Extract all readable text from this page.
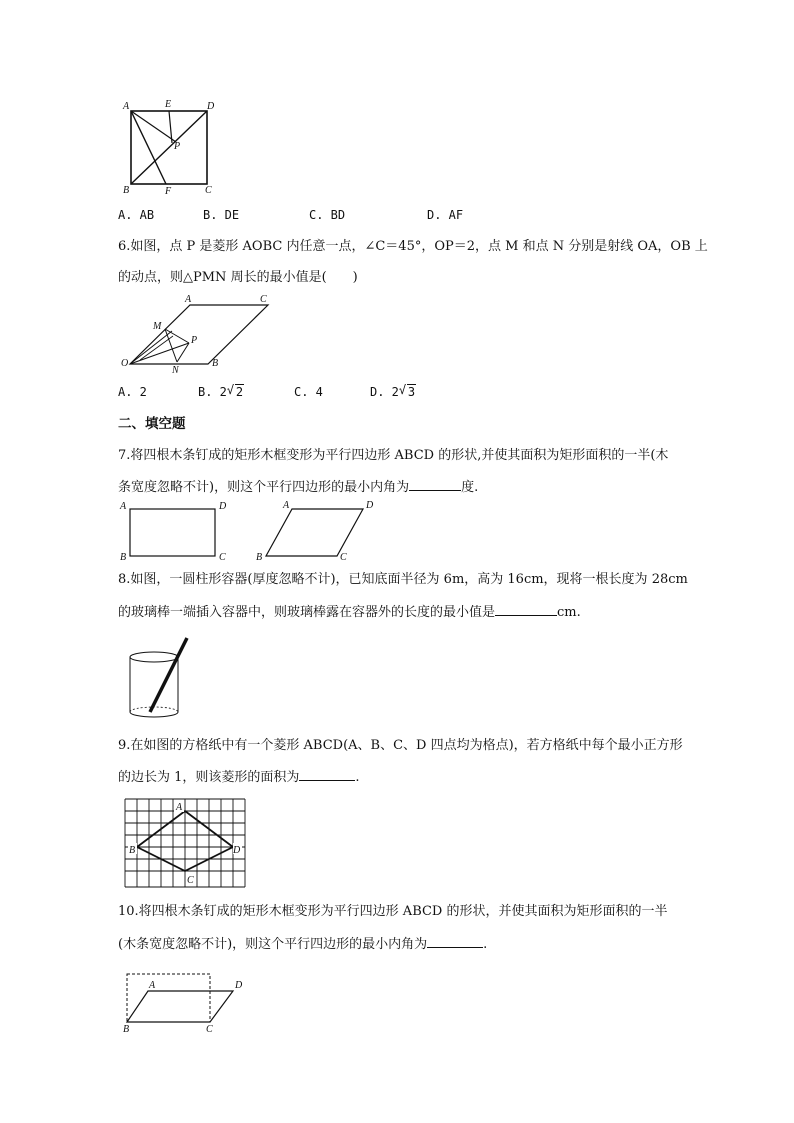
A	E	D
P
B	F	C
A	C
M
P
O
N
B
A	D
B	C
A	D
B	C
A
B
C
D
A	D
B	C
A. AB	B. DE	C. BD	D. AF
6.如图，点 P 是菱形 AOBC 内任意一点，∠C＝45°，OP＝2，点 M 和点 N 分别是射线 OA，OB 上
的动点，则△PMN 周长的最小值是(　　)
A. 2	B. 2 √ 2	C. 4	D. 2 √ 3
二、填空题
7.将四根木条钉成的矩形木框变形为平行四边形 ABCD 的形状,并使其面积为矩形面积的一半(木
条宽度忽略不计)，则这个平行四边形的最小内角为	度.
8.如图，一圆柱形容器(厚度忽略不计)，已知底面半径为 6m，高为 16cm，现将一根长度为 28cm
的玻璃棒一端插入容器中，则玻璃棒露在容器外的长度的最小值是	cm.
9.在如图的方格纸中有一个菱形 ABCD(A、B、C、D 四点均为格点)，若方格纸中每个最小正方形
的边长为 1，则该菱形的面积为	.
10.将四根木条钉成的矩形木框变形为平行四边形 ABCD 的形状，并使其面积为矩形面积的一半
(木条宽度忽略不计)，则这个平行四边形的最小内角为	.
